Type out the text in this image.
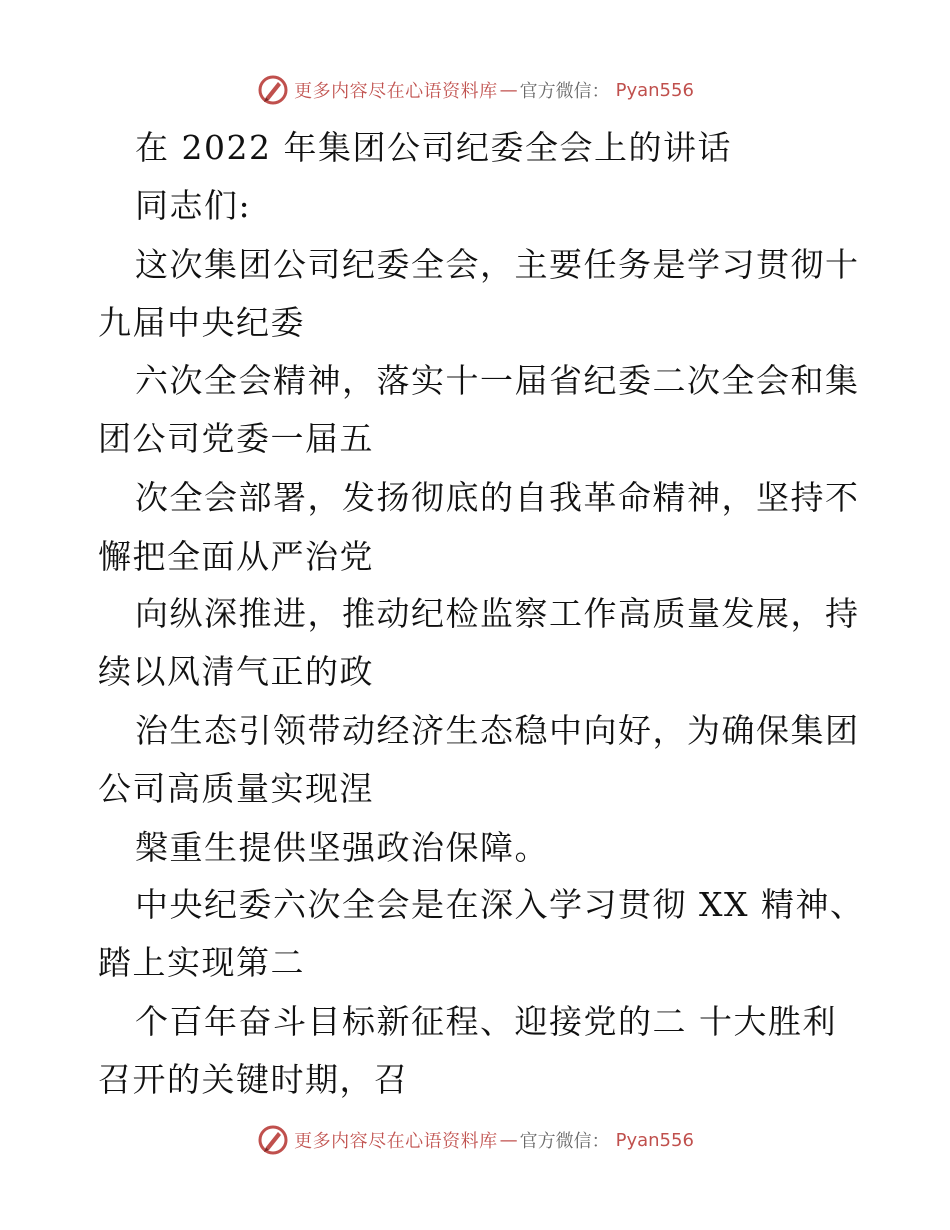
更多内容尽在心语资料库 — 官方微信： Pyan556
在 2022 年集团公司纪委全会上的讲话
同志们:
这次集团公司纪委全会，主要任务是学习贯彻十
九届中央纪委
六次全会精神，落实十一届省纪委二次全会和集
团公司党委一届五
次全会部署，发扬彻底的自我革命精神，坚持不
懈把全面从严治党
向纵深推进，推动纪检监察工作高质量发展，持
续以风清气正的政
治生态引领带动经济生态稳中向好，为确保集团
公司高质量实现涅
槃重生提供坚强政治保障。
中央纪委六次全会是在深入学习贯彻 XX 精神、
踏上实现第二
个百年奋斗目标新征程、迎接党的二 十大胜利
召开的关键时期，召
更多内容尽在心语资料库 — 官方微信： Pyan556
